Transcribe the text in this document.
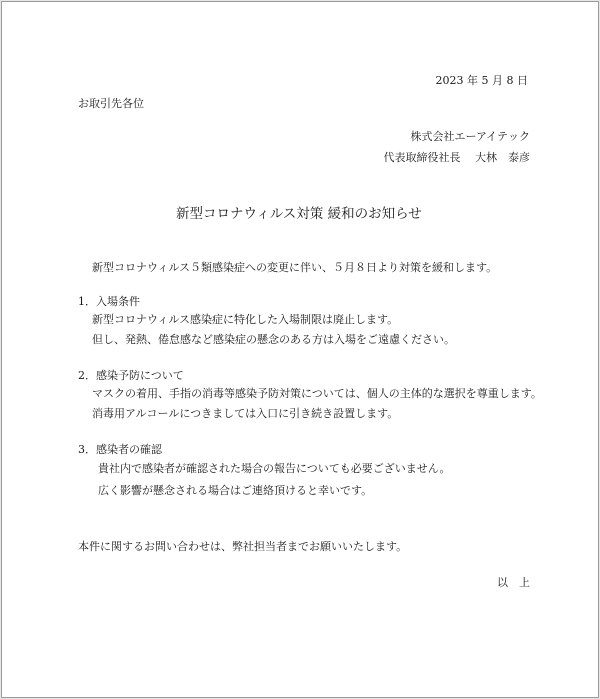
2023 年 5 月 8 日
お取引先各位
株式会社エーアイテック
代表取締役社長　 大林　泰彦
新型コロナウィルス対策 緩和のお知らせ
新型コロナウィルス５類感染症への変更に伴い、５月８日より対策を緩和します。
1．入場条件
新型コロナウィルス感染症に特化した入場制限は廃止します。
但し、発熱、倦怠感など感染症の懸念のある方は入場をご遠慮ください。
2．感染予防について
マスクの着用、手指の消毒等感染予防対策については、個人の主体的な選択を尊重します。
消毒用アルコールにつきましては入口に引き続き設置します。
3．感染者の確認
貴社内で感染者が確認された場合の報告についても必要ございません。
広く影響が懸念される場合はご連絡頂けると幸いです。
本件に関するお問い合わせは、弊社担当者までお願いいたします。
以　上
